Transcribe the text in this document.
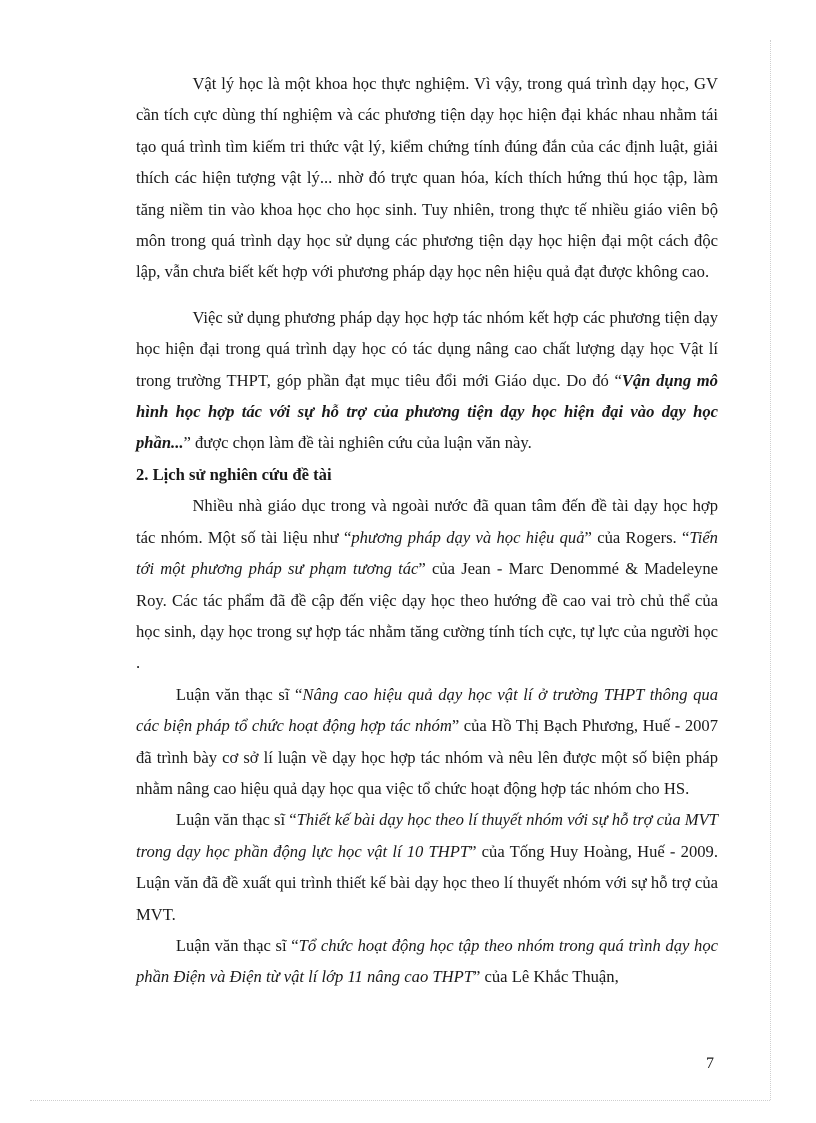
Vật lý học là một khoa học thực nghiệm. Vì vậy, trong quá trình dạy học, GV cần tích cực dùng thí nghiệm và các phương tiện dạy học hiện đại khác nhau nhằm tái tạo quá trình tìm kiếm tri thức vật lý, kiểm chứng tính đúng đắn của các định luật, giải thích các hiện tượng vật lý... nhờ đó trực quan hóa, kích thích hứng thú học tập, làm tăng niềm tin vào khoa học cho học sinh. Tuy nhiên, trong thực tế nhiều giáo viên bộ môn trong quá trình dạy học sử dụng các phương tiện dạy học hiện đại một cách độc lập, vẫn chưa biết kết hợp với phương pháp dạy học nên hiệu quả đạt được không cao.

Việc sử dụng phương pháp dạy học hợp tác nhóm kết hợp các phương tiện dạy học hiện đại trong quá trình dạy học có tác dụng nâng cao chất lượng dạy học Vật lí trong trường THPT, góp phần đạt mục tiêu đổi mới Giáo dục. Do đó “Vận dụng mô hình học hợp tác với sự hỗ trợ của phương tiện dạy học hiện đại vào dạy học phần...” được chọn làm đề tài nghiên cứu của luận văn này.

2. Lịch sử nghiên cứu đề tài

Nhiều nhà giáo dục trong và ngoài nước đã quan tâm đến đề tài dạy học hợp tác nhóm. Một số tài liệu như “phương pháp dạy và học hiệu quả” của Rogers. “Tiến tới một phương pháp sư phạm tương tác” của Jean - Marc Denommé & Madeleyne Roy. Các tác phẩm đã đề cập đến việc dạy học theo hướng đề cao vai trò chủ thể của học sinh, dạy học trong sự hợp tác nhằm tăng cường tính tích cực, tự lực của người học .

Luận văn thạc sĩ “Nâng cao hiệu quả dạy học vật lí ở trường THPT thông qua các biện pháp tổ chức hoạt động hợp tác nhóm” của Hồ Thị Bạch Phương, Huế - 2007 đã trình bày cơ sở lí luận về dạy học hợp tác nhóm và nêu lên được một số biện pháp nhằm nâng cao hiệu quả dạy học qua việc tổ chức hoạt động hợp tác nhóm cho HS.

Luận văn thạc sĩ “Thiết kế bài dạy học theo lí thuyết nhóm với sự hỗ trợ của MVT trong dạy học phần động lực học vật lí 10 THPT” của Tống Huy Hoàng, Huế - 2009. Luận văn đã đề xuất qui trình thiết kế bài dạy học theo lí thuyết nhóm với sự hỗ trợ của MVT.

Luận văn thạc sĩ “Tổ chức hoạt động học tập theo nhóm trong quá trình dạy học phần Điện và Điện từ vật lí lớp 11 nâng cao THPT” của Lê Khắc Thuận,

7
